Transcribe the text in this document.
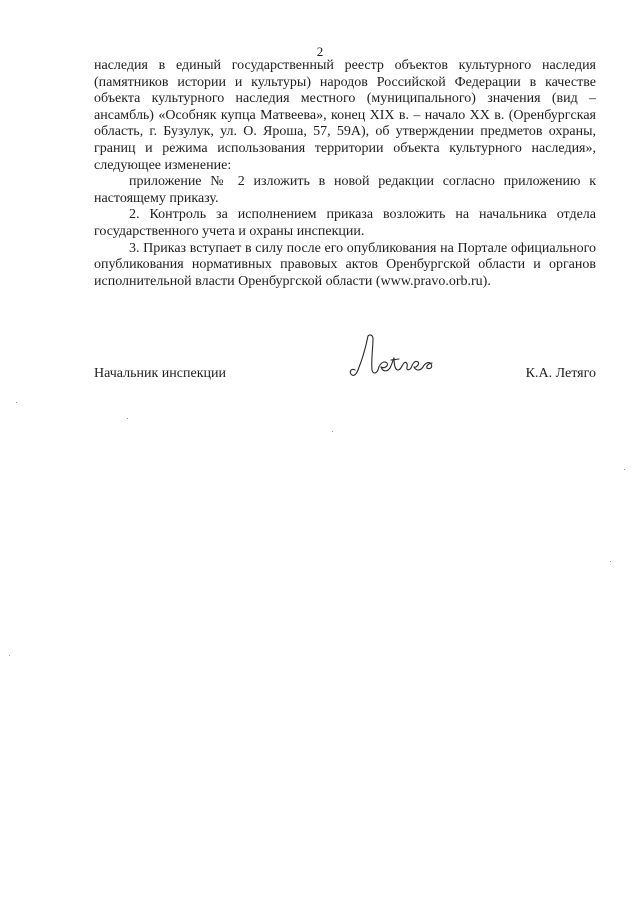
2

наследия в единый государственный реестр объектов культурного наследия (памятников истории и культуры) народов Российской Федерации в качестве объекта культурного наследия местного (муниципального) значения (вид – ансамбль) «Особняк купца Матвеева», конец XIX в. – начало XX в. (Оренбургская область, г. Бузулук, ул. О. Яроша, 57, 59А), об утверждении предметов охраны, границ и режима использования территории объекта культурного наследия», следующее изменение:

приложение № 2 изложить в новой редакции согласно приложению к настоящему приказу.

2. Контроль за исполнением приказа возложить на начальника отдела государственного учета и охраны инспекции.

3. Приказ вступает в силу после его опубликования на Портале официального опубликования нормативных правовых актов Оренбургской области и органов исполнительной власти Оренбургской области (www.pravo.orb.ru).

Начальник инспекции	К.А. Летяго
